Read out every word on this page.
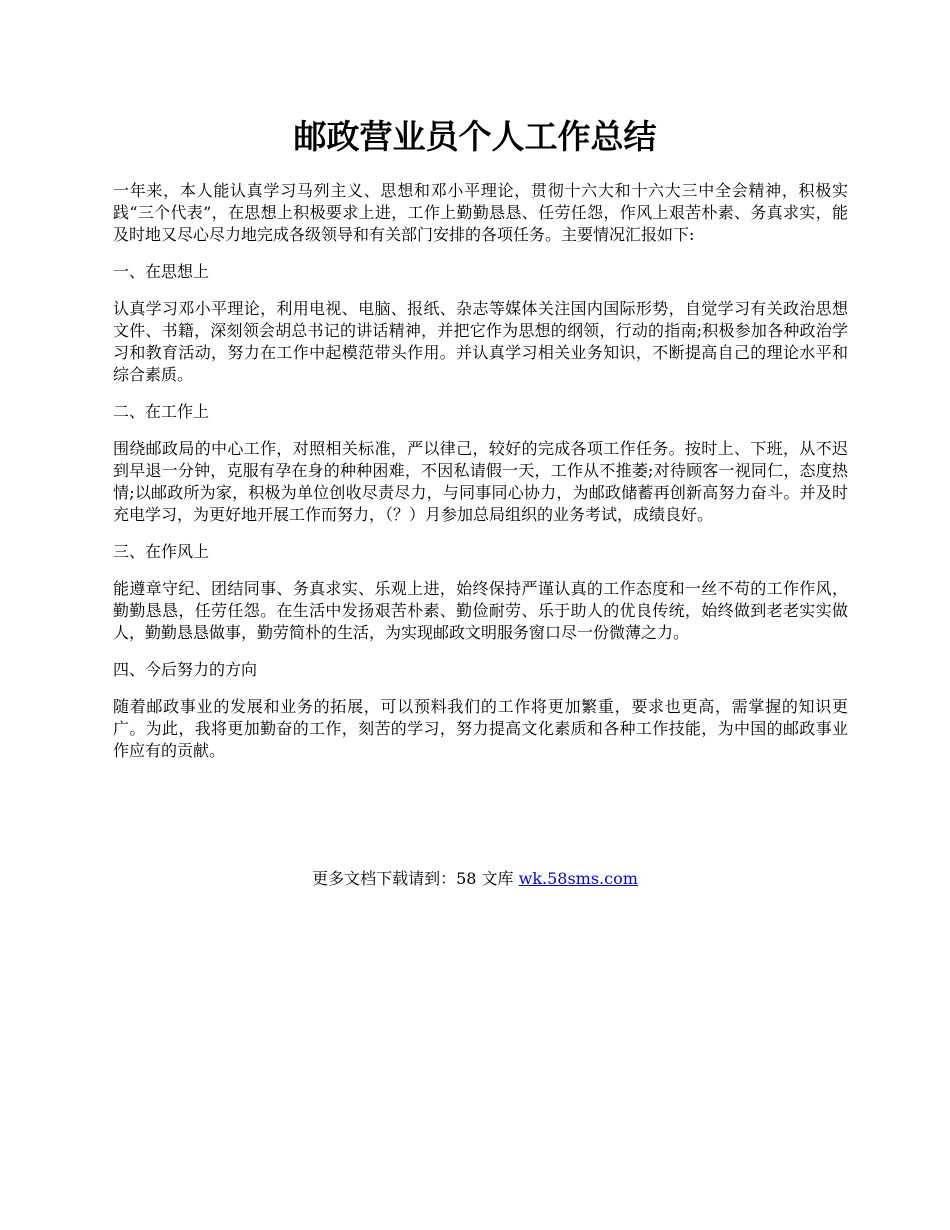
邮政营业员个人工作总结

一年来，本人能认真学习马列主义、思想和邓小平理论，贯彻十六大和十六大三中全会精神，积极实践“三个代表”，在思想上积极要求上进，工作上勤勤恳恳、任劳任怨，作风上艰苦朴素、务真求实，能及时地又尽心尽力地完成各级领导和有关部门安排的各项任务。主要情况汇报如下:

一、在思想上

认真学习邓小平理论，利用电视、电脑、报纸、杂志等媒体关注国内国际形势，自觉学习有关政治思想文件、书籍，深刻领会胡总书记的讲话精神，并把它作为思想的纲领，行动的指南;积极参加各种政治学习和教育活动，努力在工作中起模范带头作用。并认真学习相关业务知识，不断提高自己的理论水平和综合素质。

二、在工作上

围绕邮政局的中心工作，对照相关标准，严以律己，较好的完成各项工作任务。按时上、下班，从不迟到早退一分钟，克服有孕在身的种种困难，不因私请假一天，工作从不推萎;对待顾客一视同仁，态度热情;以邮政所为家，积极为单位创收尽责尽力，与同事同心协力，为邮政储蓄再创新高努力奋斗。并及时充电学习，为更好地开展工作而努力，（？）月参加总局组织的业务考试，成绩良好。

三、在作风上

能遵章守纪、团结同事、务真求实、乐观上进，始终保持严谨认真的工作态度和一丝不苟的工作作风，勤勤恳恳，任劳任怨。在生活中发扬艰苦朴素、勤俭耐劳、乐于助人的优良传统，始终做到老老实实做人，勤勤恳恳做事，勤劳简朴的生活，为实现邮政文明服务窗口尽一份微薄之力。

四、今后努力的方向

随着邮政事业的发展和业务的拓展，可以预料我们的工作将更加繁重，要求也更高，需掌握的知识更广。为此，我将更加勤奋的工作，刻苦的学习，努力提高文化素质和各种工作技能，为中国的邮政事业作应有的贡献。

更多文档下载请到：58 文库 wk.58sms.com
